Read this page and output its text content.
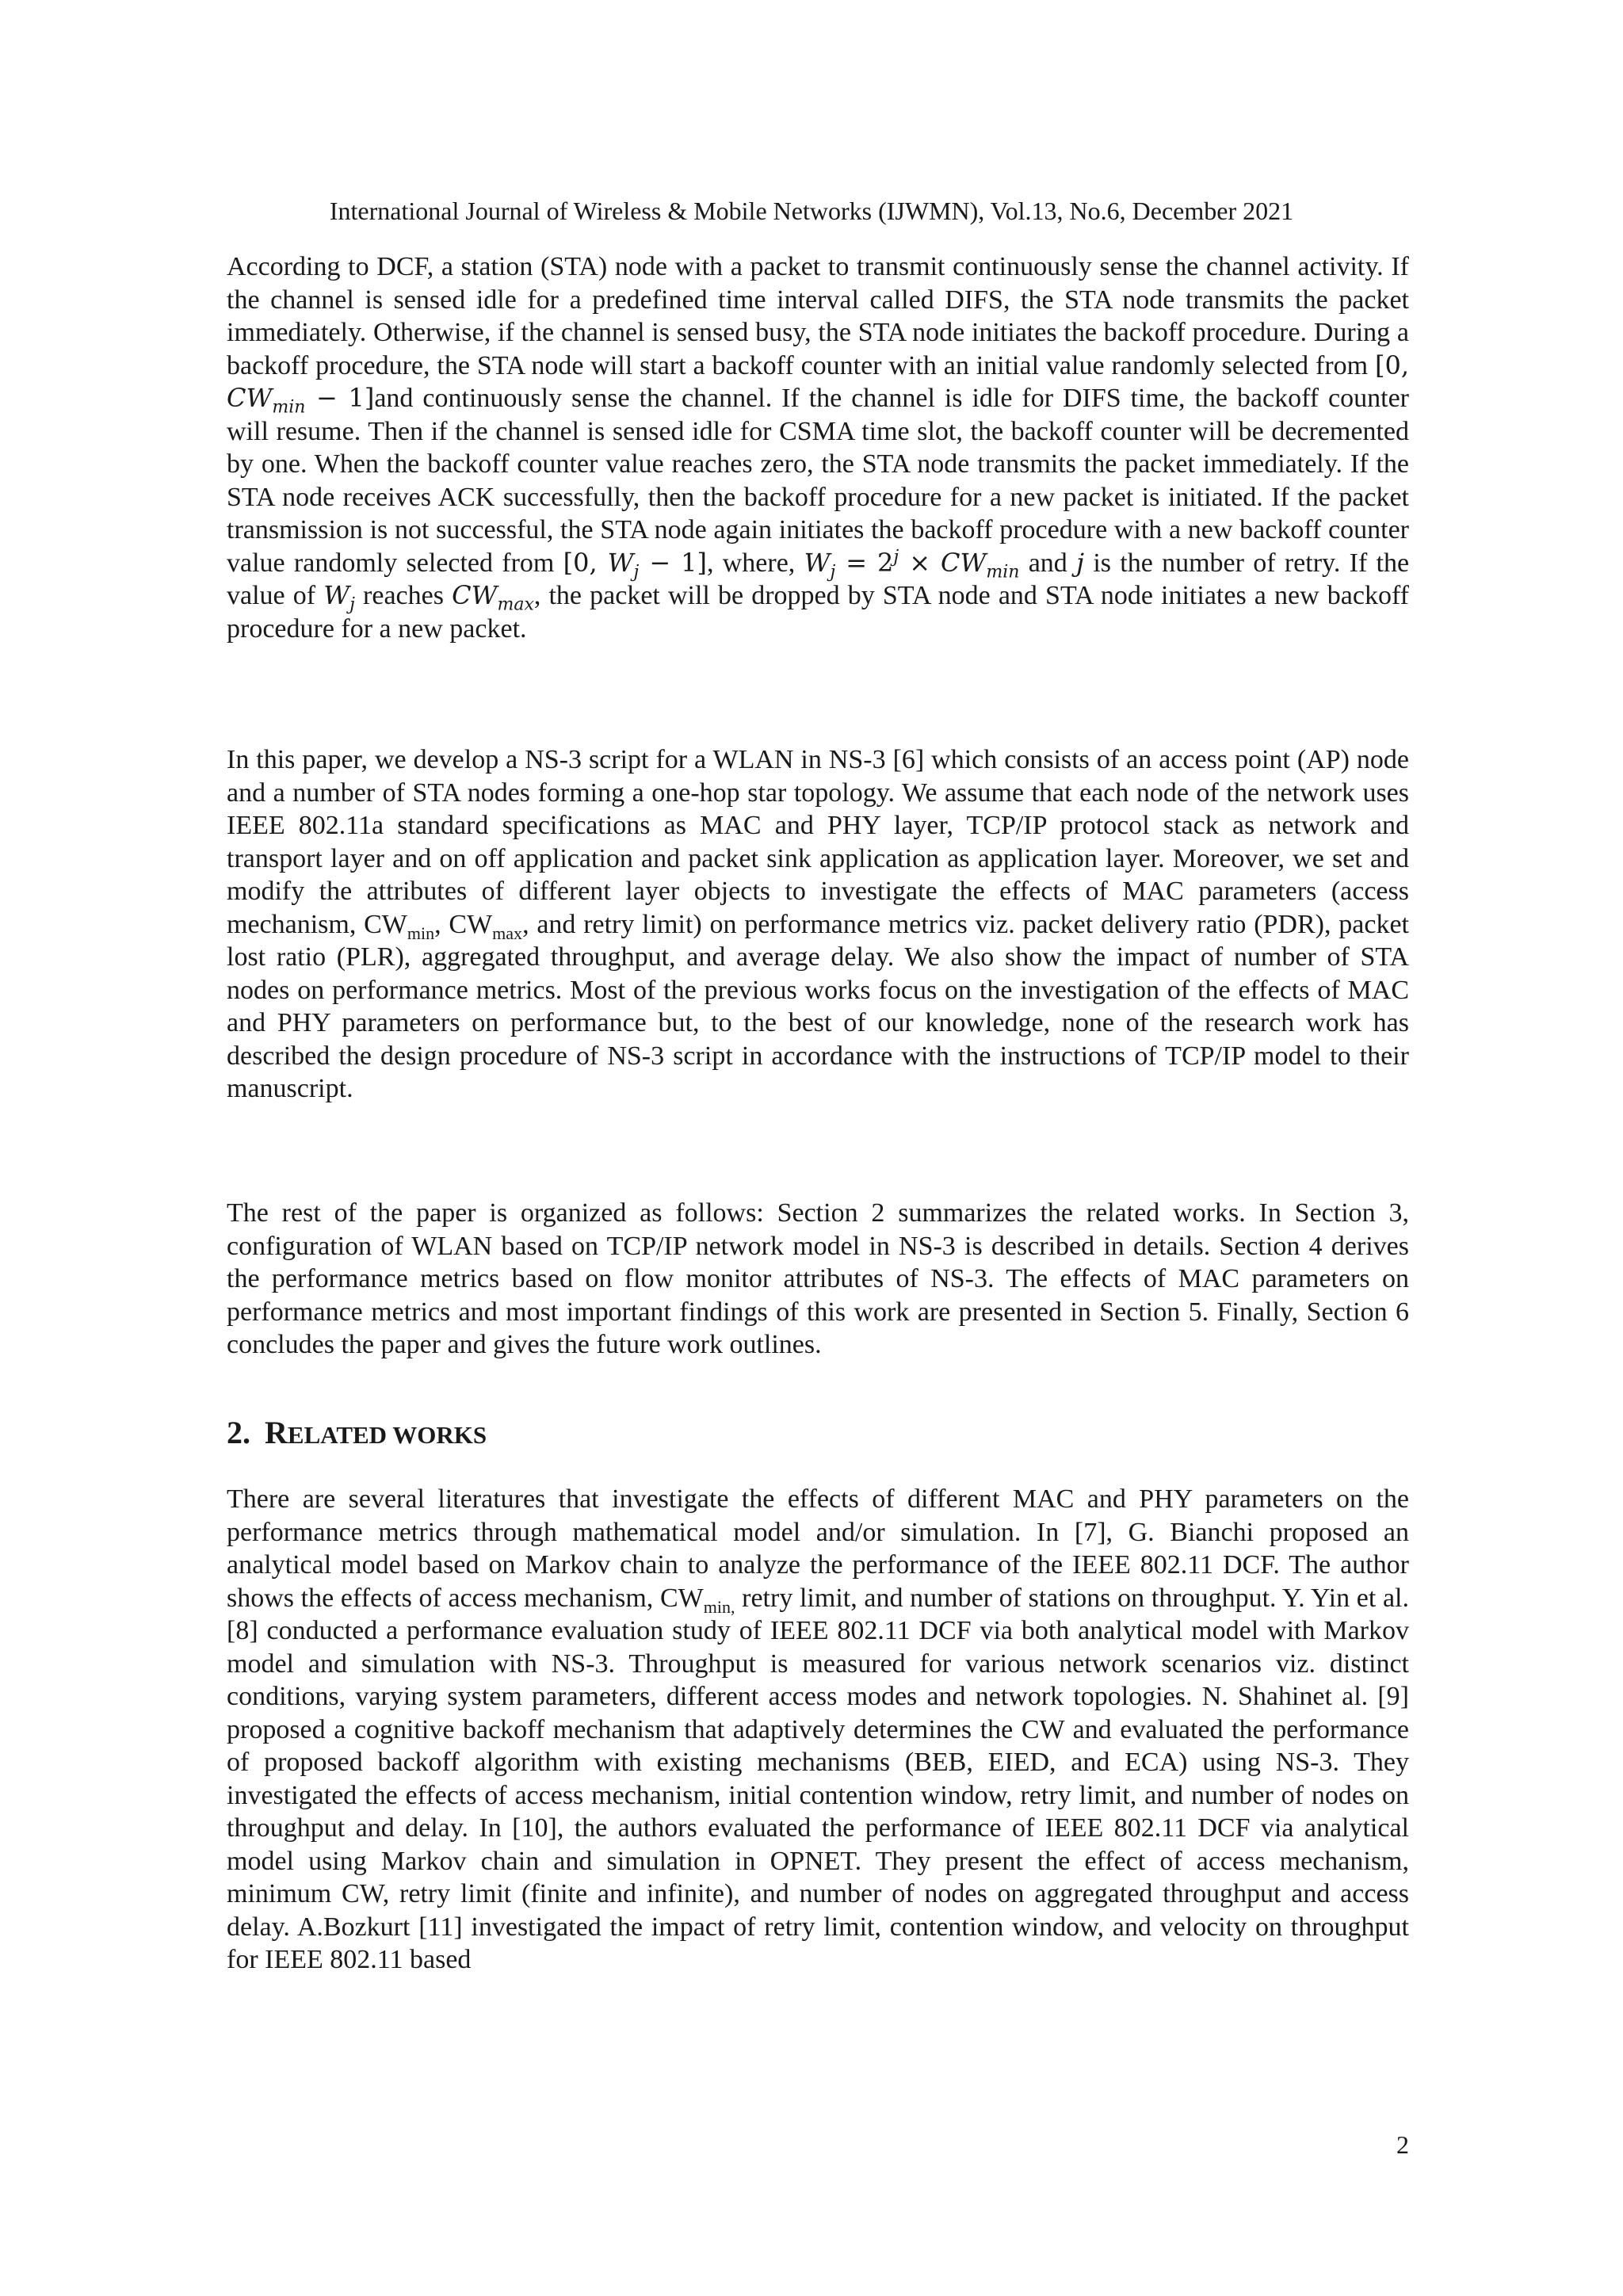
International Journal of Wireless & Mobile Networks (IJWMN), Vol.13, No.6, December 2021

According to DCF, a station (STA) node with a packet to transmit continuously sense the channel activity. If the channel is sensed idle for a predefined time interval called DIFS, the STA node transmits the packet immediately. Otherwise, if the channel is sensed busy, the STA node initiates the backoff procedure. During a backoff procedure, the STA node will start a backoff counter with an initial value randomly selected from [0, $CW_{min} - 1]and$ continuously sense the channel. If the channel is idle for DIFS time, the backoff counter will resume. Then if the channel is sensed idle for CSMA time slot, the backoff counter will be decremented by one. When the backoff counter value reaches zero, the STA node transmits the packet immediately. If the STA node receives ACK successfully, then the backoff procedure for a new packet is initiated. If the packet transmission is not successful, the STA node again initiates the backoff procedure with a new backoff counter value randomly selected from [0, $W_j - 1$], where, $W_j = 2^j \times CW_{min}$ and j is the number of retry. If the value of $W_j$ reaches $CW_{max}$, the packet will be dropped by STA node and STA node initiates a new backoff procedure for a new packet.

In this paper, we develop a NS-3 script for a WLAN in NS-3 [6] which consists of an access point (AP) node and a number of STA nodes forming a one-hop star topology. We assume that each node of the network uses IEEE 802.11a standard specifications as MAC and PHY layer, TCP/IP protocol stack as network and transport layer and on off application and packet sink application as application layer. Moreover, we set and modify the attributes of different layer objects to investigate the effects of MAC parameters (access mechanism, $CW_{min}$, $CW_{max}$, and retry limit) on performance metrics viz. packet delivery ratio (PDR), packet lost ratio (PLR), aggregated throughput, and average delay. We also show the impact of number of STA nodes on performance metrics. Most of the previous works focus on the investigation of the effects of MAC and PHY parameters on performance but, to the best of our knowledge, none of the research work has described the design procedure of NS-3 script in accordance with the instructions of TCP/IP model to their manuscript.

The rest of the paper is organized as follows: Section 2 summarizes the related works. In Section 3, configuration of WLAN based on TCP/IP network model in NS-3 is described in details. Section 4 derives the performance metrics based on flow monitor attributes of NS-3. The effects of MAC parameters on performance metrics and most important findings of this work are presented in Section 5. Finally, Section 6 concludes the paper and gives the future work outlines.

2. RELATED WORKS

There are several literatures that investigate the effects of different MAC and PHY parameters on the performance metrics through mathematical model and/or simulation. In [7], G. Bianchi proposed an analytical model based on Markov chain to analyze the performance of the IEEE 802.11 DCF. The author shows the effects of access mechanism, $CW_{min,}$ retry limit, and number of stations on throughput. Y. Yin et al. [8] conducted a performance evaluation study of IEEE 802.11 DCF via both analytical model with Markov model and simulation with NS-3. Throughput is measured for various network scenarios viz. distinct conditions, varying system parameters, different access modes and network topologies. N. Shahinet al. [9] proposed a cognitive backoff mechanism that adaptively determines the CW and evaluated the performance of proposed backoff algorithm with existing mechanisms (BEB, EIED, and ECA) using NS-3. They investigated the effects of access mechanism, initial contention window, retry limit, and number of nodes on throughput and delay. In [10], the authors evaluated the performance of IEEE 802.11 DCF via analytical model using Markov chain and simulation in OPNET. They present the effect of access mechanism, minimum CW, retry limit (finite and infinite), and number of nodes on aggregated throughput and access delay. A.Bozkurt [11] investigated the impact of retry limit, contention window, and velocity on throughput for IEEE 802.11 based

2
